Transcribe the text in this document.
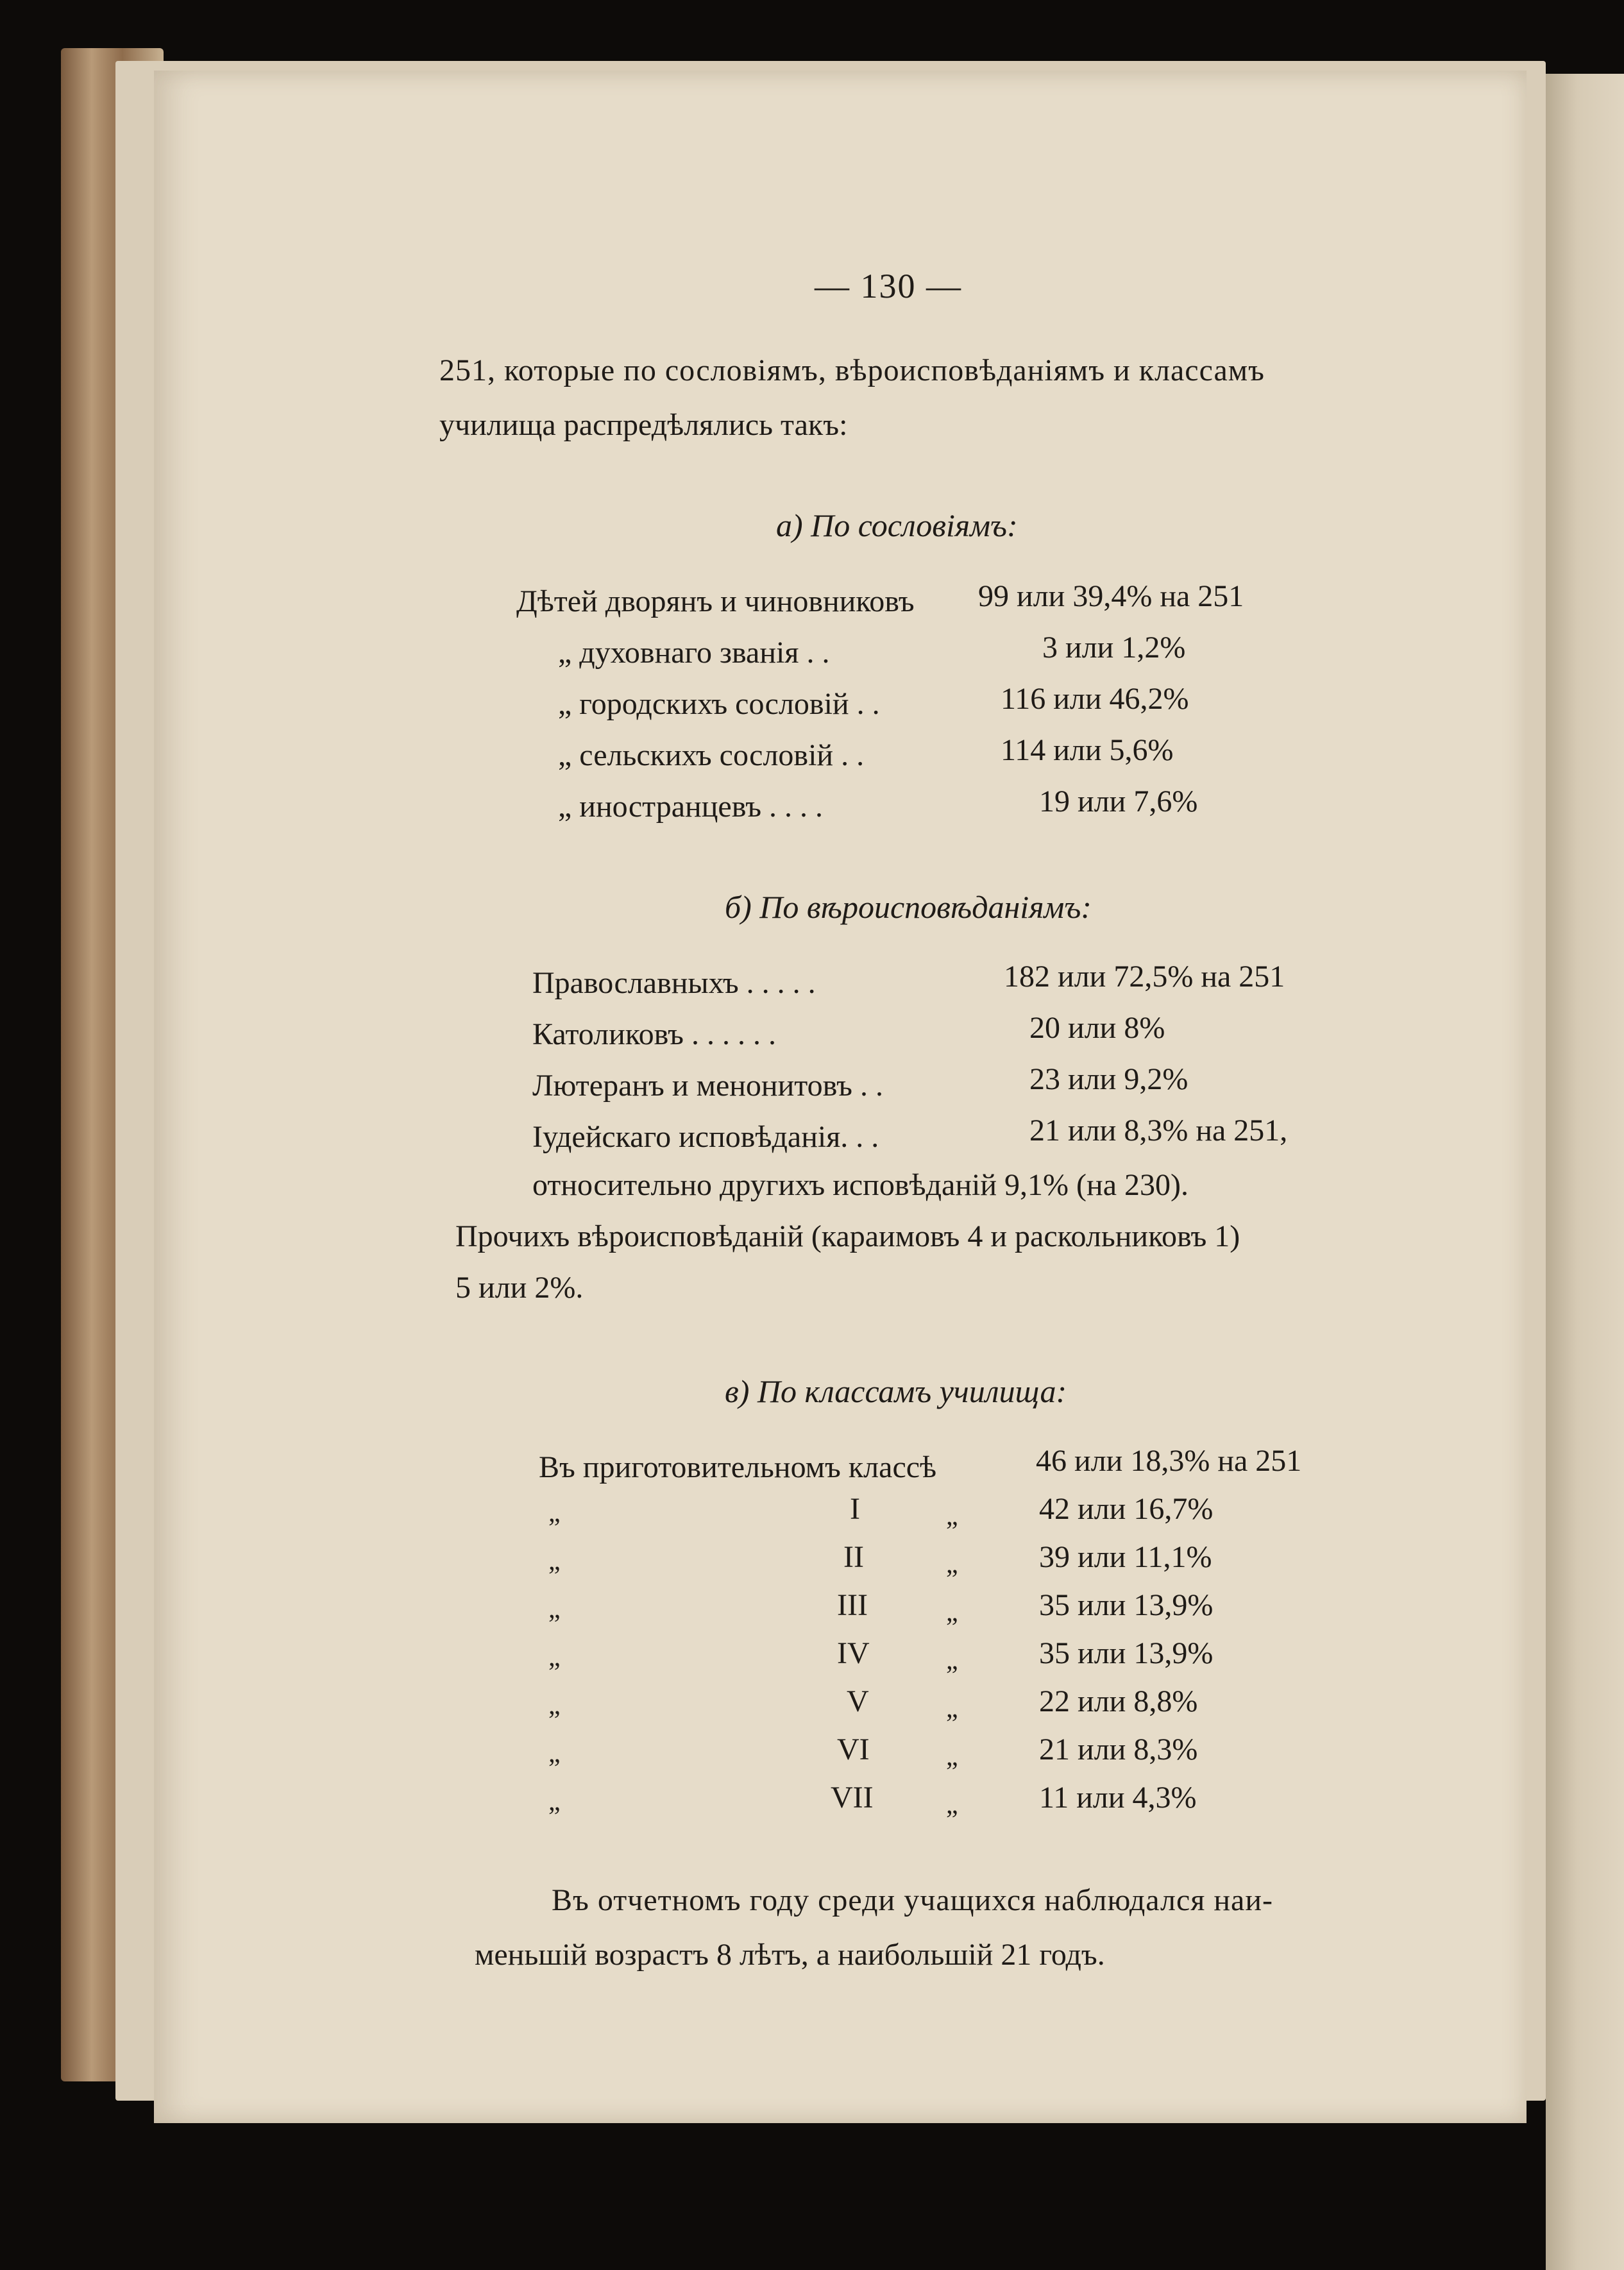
— 130 —
251, которые по сословіямъ, вѣроисповѣданіямъ и классамъ
училища распредѣлялись такъ:
а) По сословіямъ:
Дѣтей дворянъ и чиновниковъ 99 или 39,4% на 251
„ духовнаго званія . .	3 или 1,2%
„ городскихъ сословій . .	116 или 46,2%
„ сельскихъ сословій . .	114 или 5,6%
„ иностранцевъ . . . .	19 или 7,6%
б) По вѣроисповѣданіямъ:
Православныхъ . . . . .	182 или 72,5% на 251
Католиковъ . . . . . .	20 или 8%
Лютеранъ и менонитовъ . .	23 или 9,2%
Іудейскаго исповѣданія. . .	21 или 8,3% на 251,
относительно другихъ исповѣданій 9,1% (на 230).
Прочихъ вѣроисповѣданій (караимовъ 4 и раскольниковъ 1)
5 или 2%.
в) По классамъ училища:
Въ приготовительномъ классѣ	46 или 18,3% на 251
„	I	„	42 или 16,7%
„	II	„	39 или 11,1%
„	III	„	35 или 13,9%
„	IV	„	35 или 13,9%
„	V	„	22 или 8,8%
„	VI	„	21 или 8,3%
„	VII	„	11 или 4,3%
Въ отчетномъ году среди учащихся наблюдался наи-
меньшій возрастъ 8 лѣтъ, а наибольшій 21 годъ.
